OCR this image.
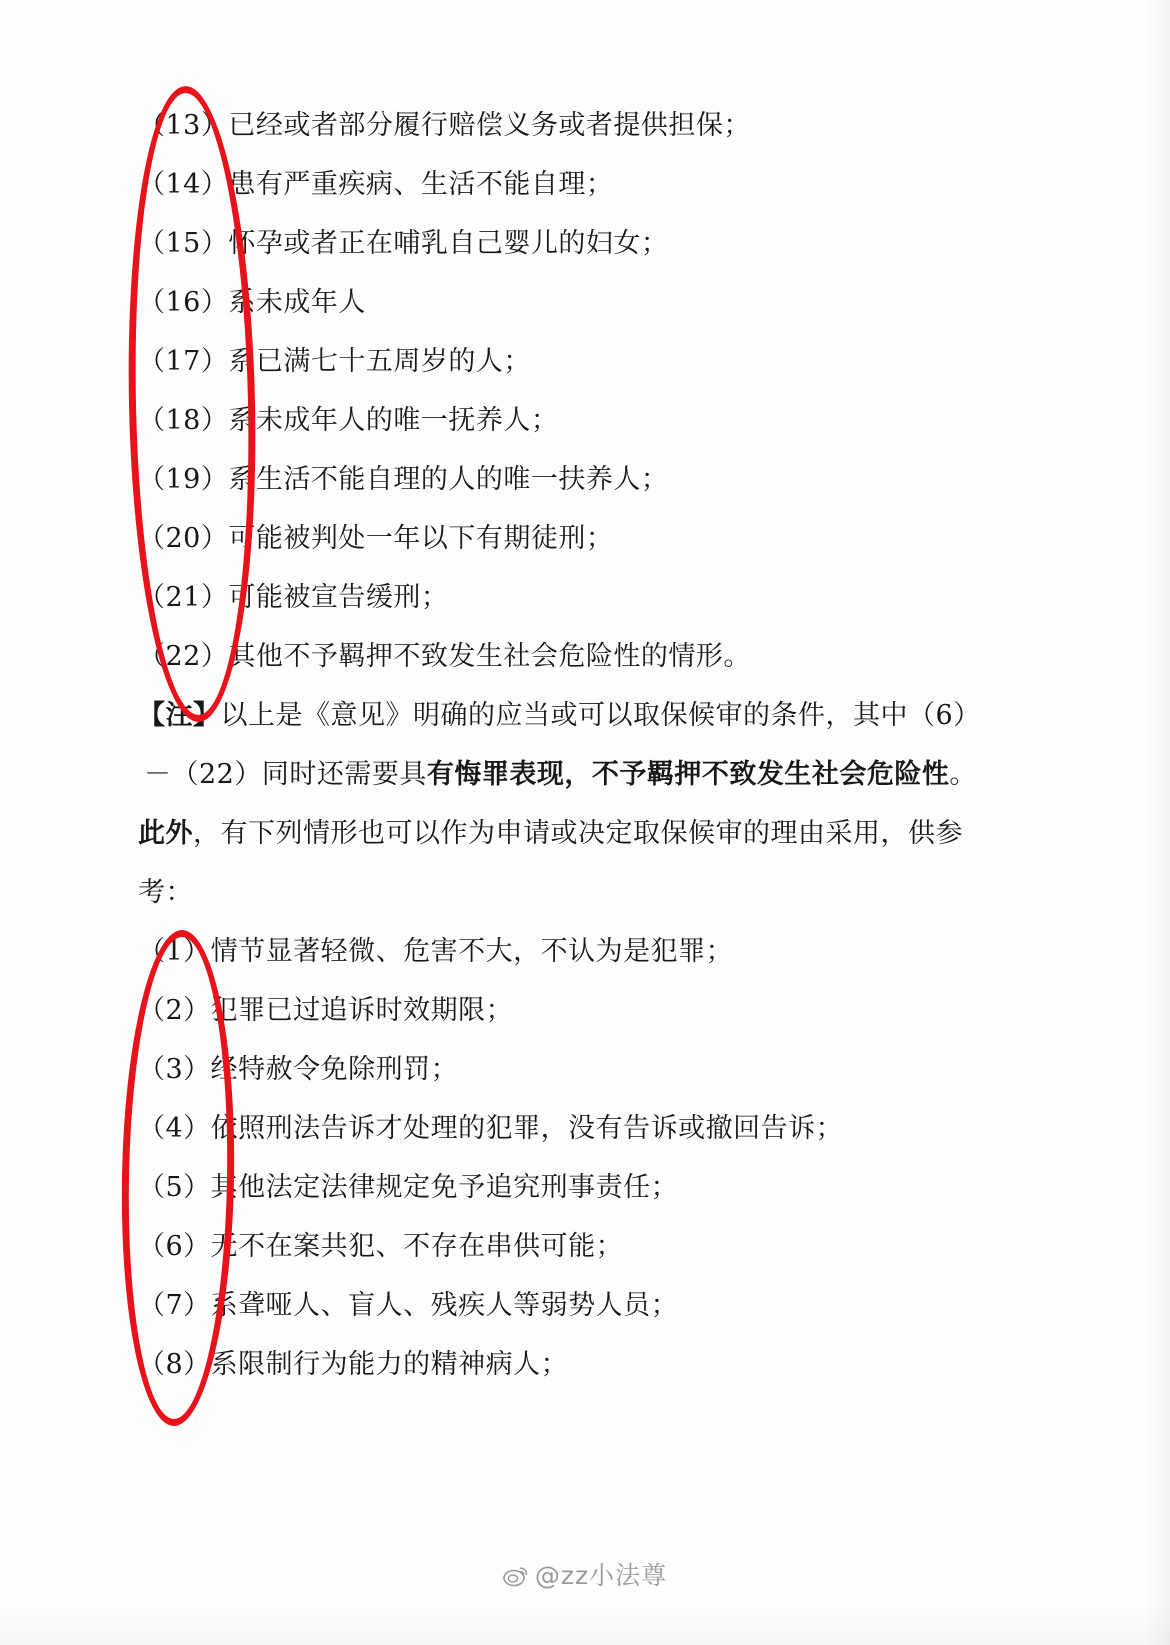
（13）已经或者部分履行赔偿义务或者提供担保；
（14）患有严重疾病、生活不能自理；
（15）怀孕或者正在哺乳自己婴儿的妇女；
（16）系未成年人
（17）系已满七十五周岁的人；
（18）系未成年人的唯一抚养人；
（19）系生活不能自理的人的唯一扶养人；
（20）可能被判处一年以下有期徒刑；
（21）可能被宣告缓刑；
（22）其他不予羁押不致发生社会危险性的情形。
【注】以上是《意见》明确的应当或可以取保候审的条件，其中（6）
－（22）同时还需要具有悔罪表现，不予羁押不致发生社会危险性。
此外，有下列情形也可以作为申请或决定取保候审的理由采用，供参
考：
（1）情节显著轻微、危害不大，不认为是犯罪；
（2）犯罪已过追诉时效期限；
（3）经特赦令免除刑罚；
（4）依照刑法告诉才处理的犯罪，没有告诉或撤回告诉；
（5）其他法定法律规定免予追究刑事责任；
（6）无不在案共犯、不存在串供可能；
（7）系聋哑人、盲人、残疾人等弱势人员；
（8）系限制行为能力的精神病人；
@zz小法尊
